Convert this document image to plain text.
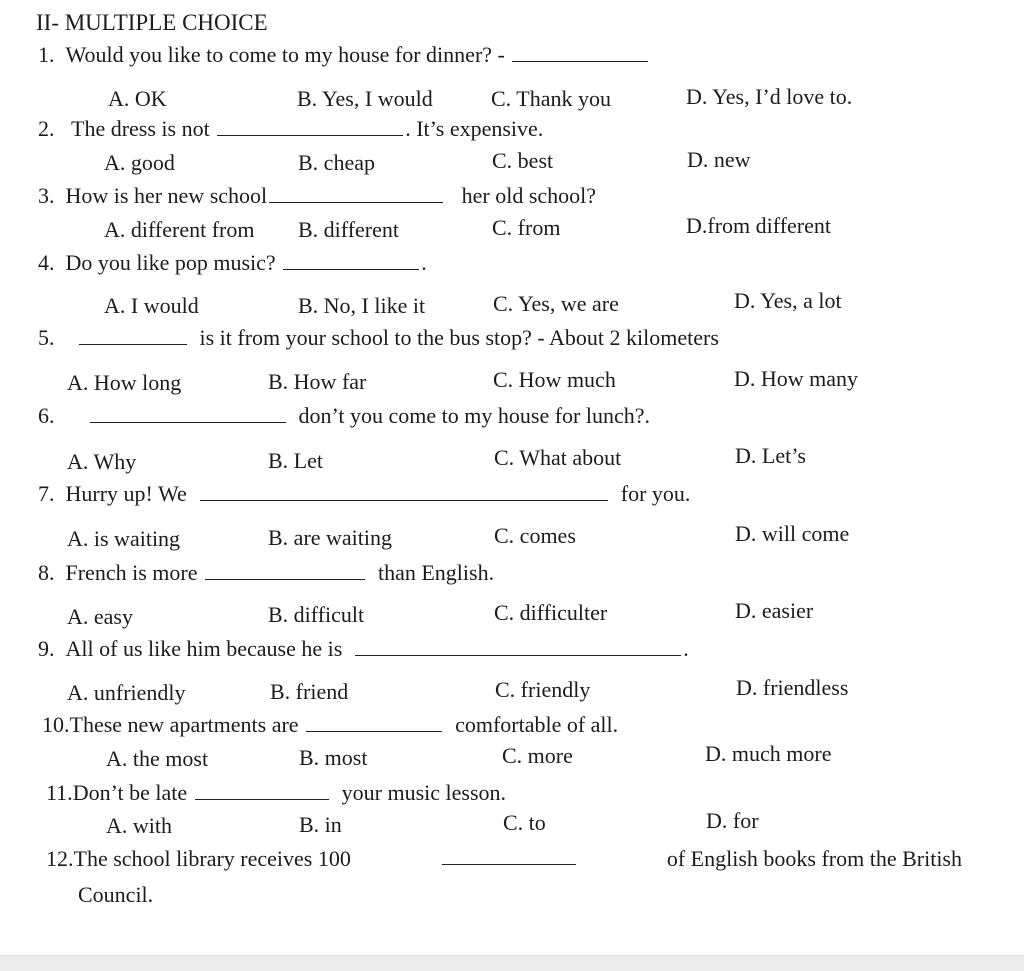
II- MULTIPLE CHOICE
1. Would you like to come to my house for dinner? -
A. OK	B. Yes, I would	C. Thank you	D. Yes, I’d love to.
2. The dress is not	. It’s expensive.
A. good	B. cheap	C. best	D. new
3. How is her new school	her old school?
A. different from B. different	C. from	D.from different
4. Do you like pop music?	.
A. I would	B. No, I like it	C. Yes, we are	D. Yes, a lot
5.	is it from your school to the bus stop? - About 2 kilometers
A. How long	B. How far	C. How much	D. How many
6.	don’t you come to my house for lunch?.
A. Why	B. Let	C. What about	D. Let’s
7. Hurry up! We	for you.
A. is waiting	B. are waiting	C. comes	D. will come
8. French is more	than English.
A. easy	B. difficult	C. difficulter	D. easier
9. All of us like him because he is	.
A. unfriendly	B. friend	C. friendly	D. friendless
10.These new apartments are	comfortable of all.
A. the most	B. most	C. more	D. much more
11.Don’t be late	your music lesson.
A. with	B. in	C. to	D. for
12.The school library receives 100	of English books from the British
Council.
